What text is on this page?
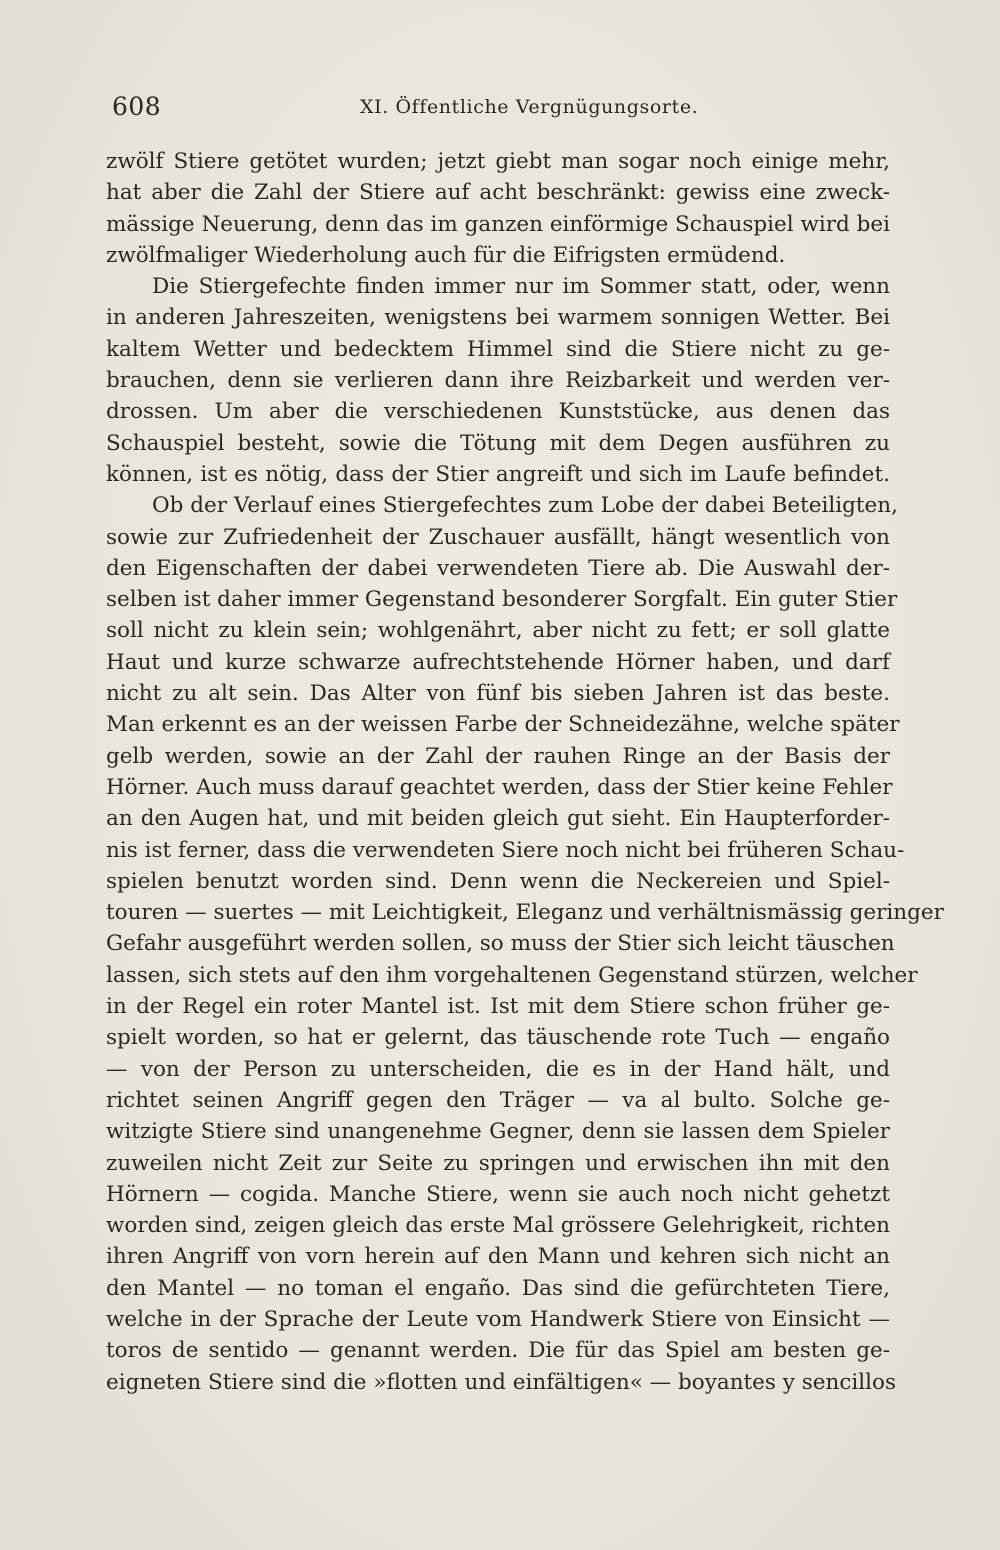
608	XI. Öffentliche Vergnügungsorte.
zwölf Stiere getötet wurden; jetzt giebt man sogar noch einige mehr,
hat aber die Zahl der Stiere auf acht beschränkt: gewiss eine zweck-
mässige Neuerung, denn das im ganzen einförmige Schauspiel wird bei
zwölfmaliger Wiederholung auch für die Eifrigsten ermüdend.
Die Stiergefechte finden immer nur im Sommer statt, oder, wenn
in anderen Jahreszeiten, wenigstens bei warmem sonnigen Wetter. Bei
kaltem Wetter und bedecktem Himmel sind die Stiere nicht zu ge-
brauchen, denn sie verlieren dann ihre Reizbarkeit und werden ver-
drossen. Um aber die verschiedenen Kunststücke, aus denen das
Schauspiel besteht, sowie die Tötung mit dem Degen ausführen zu
können, ist es nötig, dass der Stier angreift und sich im Laufe befindet.
Ob der Verlauf eines Stiergefechtes zum Lobe der dabei Beteiligten,
sowie zur Zufriedenheit der Zuschauer ausfällt, hängt wesentlich von
den Eigenschaften der dabei verwendeten Tiere ab. Die Auswahl der-
selben ist daher immer Gegenstand besonderer Sorgfalt. Ein guter Stier
soll nicht zu klein sein; wohlgenährt, aber nicht zu fett; er soll glatte
Haut und kurze schwarze aufrechtstehende Hörner haben, und darf
nicht zu alt sein. Das Alter von fünf bis sieben Jahren ist das beste.
Man erkennt es an der weissen Farbe der Schneidezähne, welche später
gelb werden, sowie an der Zahl der rauhen Ringe an der Basis der
Hörner. Auch muss darauf geachtet werden, dass der Stier keine Fehler
an den Augen hat, und mit beiden gleich gut sieht. Ein Haupterforder-
nis ist ferner, dass die verwendeten Siere noch nicht bei früheren Schau-
spielen benutzt worden sind. Denn wenn die Neckereien und Spiel-
touren — suertes — mit Leichtigkeit, Eleganz und verhältnismässig geringer
Gefahr ausgeführt werden sollen, so muss der Stier sich leicht täuschen
lassen, sich stets auf den ihm vorgehaltenen Gegenstand stürzen, welcher
in der Regel ein roter Mantel ist. Ist mit dem Stiere schon früher ge-
spielt worden, so hat er gelernt, das täuschende rote Tuch — engaño
— von der Person zu unterscheiden, die es in der Hand hält, und
richtet seinen Angriff gegen den Träger — va al bulto. Solche ge-
witzigte Stiere sind unangenehme Gegner, denn sie lassen dem Spieler
zuweilen nicht Zeit zur Seite zu springen und erwischen ihn mit den
Hörnern — cogida. Manche Stiere, wenn sie auch noch nicht gehetzt
worden sind, zeigen gleich das erste Mal grössere Gelehrigkeit, richten
ihren Angriff von vorn herein auf den Mann und kehren sich nicht an
den Mantel — no toman el engaño. Das sind die gefürchteten Tiere,
welche in der Sprache der Leute vom Handwerk Stiere von Einsicht —
toros de sentido — genannt werden. Die für das Spiel am besten ge-
eigneten Stiere sind die »flotten und einfältigen« — boyantes y sencillos
